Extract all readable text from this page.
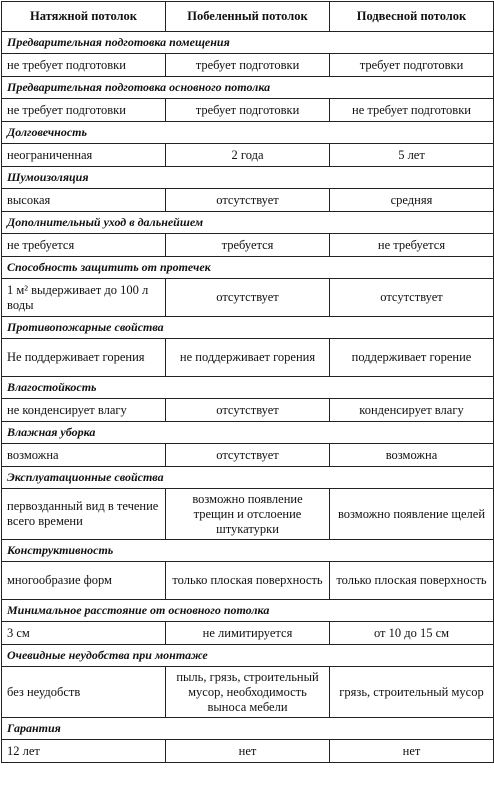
Натяжной потолок	Побеленный потолок	Подвесной потолок
Предварительная подготовка помещения		
не требует подготовки	требует подготовки	требует подготовки
Предварительная подготовка основного потолка		
не требует подготовки	требует подготовки	не требует подготовки
Долговечность		
неограниченная	2 года	5 лет
Шумоизоляция		
высокая	отсутствует	средняя
Дополнительный уход в дальнейшем		
не требуется	требуется	не требуется
Способность защитить от протечек		
1 м² выдерживает до 100 л воды	отсутствует	отсутствует
Противопожарные свойства		
Не поддерживает горения	не поддерживает горения	поддерживает горение
Влагостойкость		
не конденсирует влагу	отсутствует	конденсирует влагу
Влажная уборка		
возможна	отсутствует	возможна
Эксплуатационные свойства		
первозданный вид в течение всего времени	возможно появление трещин и отслоение штукатурки	возможно появление щелей
Конструктивность		
многообразие форм	только плоская поверхность	только плоская поверхность
Минимальное расстояние от основного потолка		
3 см	не лимитируется	от 10 до 15 см
Очевидные неудобства при монтаже		
без неудобств	пыль, грязь, строительный мусор, необходимость выноса мебели	грязь, строительный мусор
Гарантия		
12 лет	нет	нет
